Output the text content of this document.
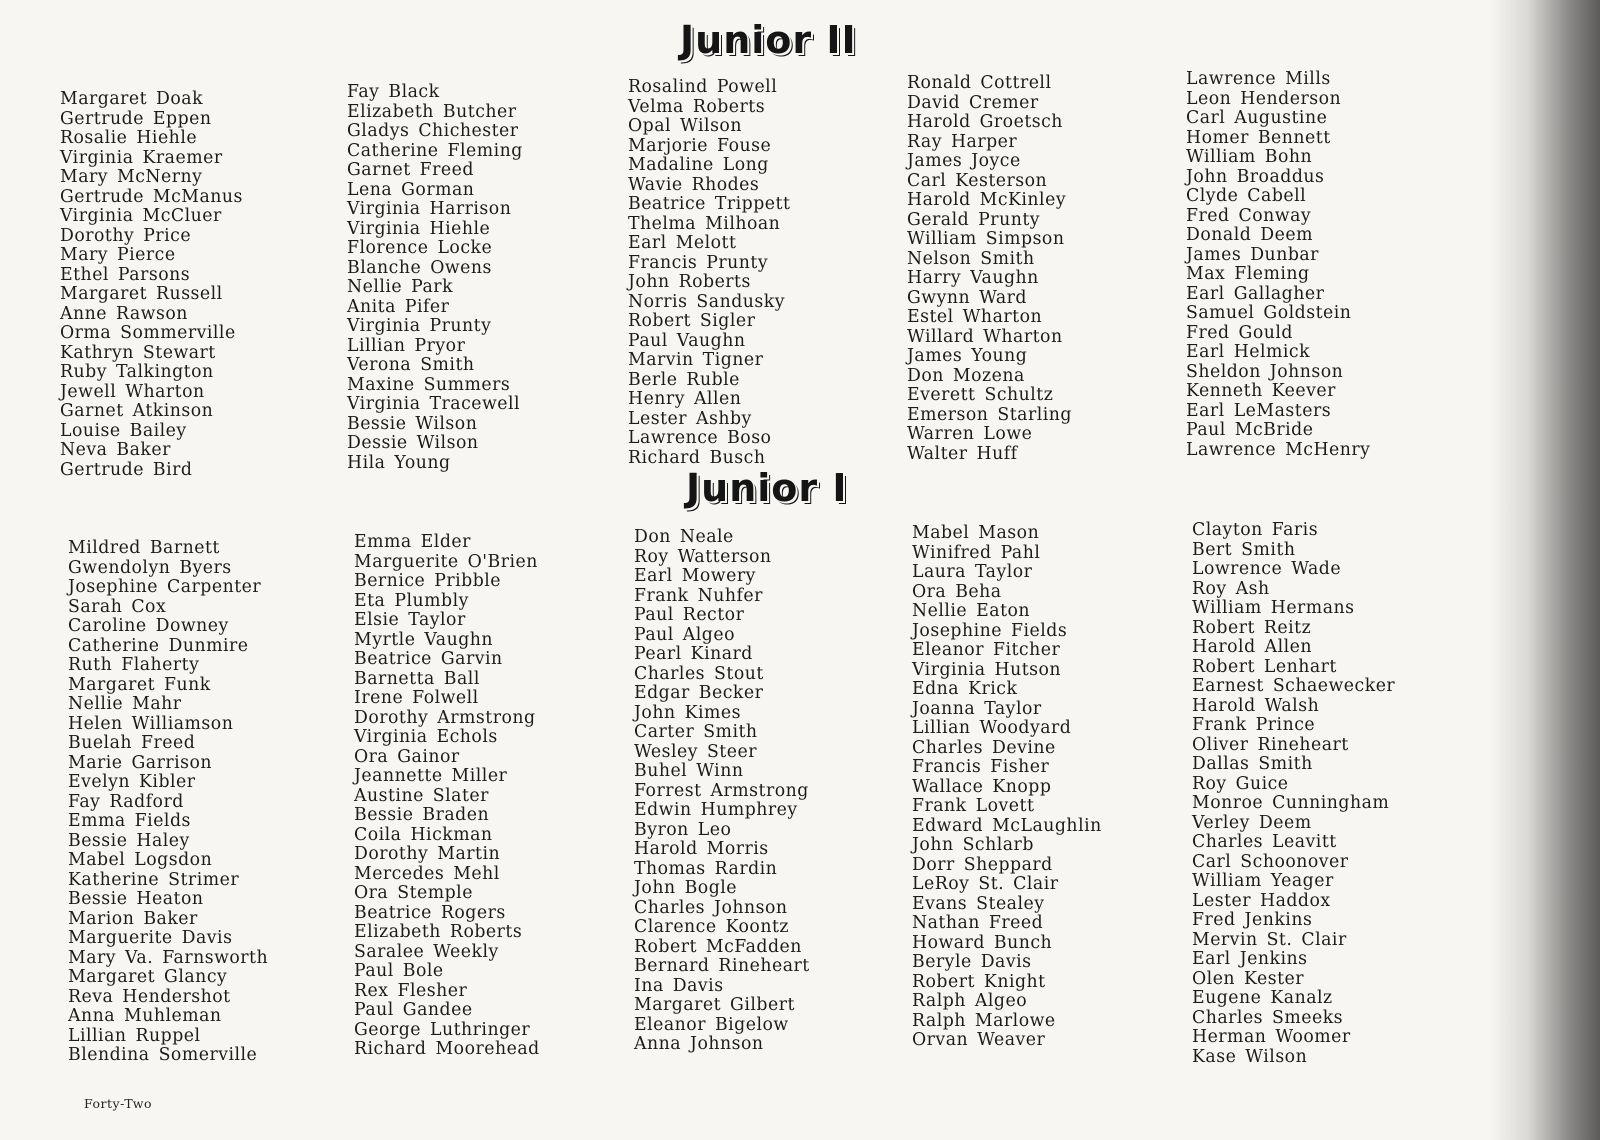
Junior II
Margaret Doak
Gertrude Eppen
Rosalie Hiehle
Virginia Kraemer
Mary McNerny
Gertrude McManus
Virginia McCluer
Dorothy Price
Mary Pierce
Ethel Parsons
Margaret Russell
Anne Rawson
Orma Sommerville
Kathryn Stewart
Ruby Talkington
Jewell Wharton
Garnet Atkinson
Louise Bailey
Neva Baker
Gertrude Bird
Fay Black
Elizabeth Butcher
Gladys Chichester
Catherine Fleming
Garnet Freed
Lena Gorman
Virginia Harrison
Virginia Hiehle
Florence Locke
Blanche Owens
Nellie Park
Anita Pifer
Virginia Prunty
Lillian Pryor
Verona Smith
Maxine Summers
Virginia Tracewell
Bessie Wilson
Dessie Wilson
Hila Young
Rosalind Powell
Velma Roberts
Opal Wilson
Marjorie Fouse
Madaline Long
Wavie Rhodes
Beatrice Trippett
Thelma Milhoan
Earl Melott
Francis Prunty
John Roberts
Norris Sandusky
Robert Sigler
Paul Vaughn
Marvin Tigner
Berle Ruble
Henry Allen
Lester Ashby
Lawrence Boso
Richard Busch
Ronald Cottrell
David Cremer
Harold Groetsch
Ray Harper
James Joyce
Carl Kesterson
Harold McKinley
Gerald Prunty
William Simpson
Nelson Smith
Harry Vaughn
Gwynn Ward
Estel Wharton
Willard Wharton
James Young
Don Mozena
Everett Schultz
Emerson Starling
Warren Lowe
Walter Huff
Lawrence Mills
Leon Henderson
Carl Augustine
Homer Bennett
William Bohn
John Broaddus
Clyde Cabell
Fred Conway
Donald Deem
James Dunbar
Max Fleming
Earl Gallagher
Samuel Goldstein
Fred Gould
Earl Helmick
Sheldon Johnson
Kenneth Keever
Earl LeMasters
Paul McBride
Lawrence McHenry
Junior I
Mildred Barnett
Gwendolyn Byers
Josephine Carpenter
Sarah Cox
Caroline Downey
Catherine Dunmire
Ruth Flaherty
Margaret Funk
Nellie Mahr
Helen Williamson
Buelah Freed
Marie Garrison
Evelyn Kibler
Fay Radford
Emma Fields
Bessie Haley
Mabel Logsdon
Katherine Strimer
Bessie Heaton
Marion Baker
Marguerite Davis
Mary Va. Farnsworth
Margaret Glancy
Reva Hendershot
Anna Muhleman
Lillian Ruppel
Blendina Somerville
Emma Elder
Marguerite O'Brien
Bernice Pribble
Eta Plumbly
Elsie Taylor
Myrtle Vaughn
Beatrice Garvin
Barnetta Ball
Irene Folwell
Dorothy Armstrong
Virginia Echols
Ora Gainor
Jeannette Miller
Austine Slater
Bessie Braden
Coila Hickman
Dorothy Martin
Mercedes Mehl
Ora Stemple
Beatrice Rogers
Elizabeth Roberts
Saralee Weekly
Paul Bole
Rex Flesher
Paul Gandee
George Luthringer
Richard Moorehead
Don Neale
Roy Watterson
Earl Mowery
Frank Nuhfer
Paul Rector
Paul Algeo
Pearl Kinard
Charles Stout
Edgar Becker
John Kimes
Carter Smith
Wesley Steer
Buhel Winn
Forrest Armstrong
Edwin Humphrey
Byron Leo
Harold Morris
Thomas Rardin
John Bogle
Charles Johnson
Clarence Koontz
Robert McFadden
Bernard Rineheart
Ina Davis
Margaret Gilbert
Eleanor Bigelow
Anna Johnson
Mabel Mason
Winifred Pahl
Laura Taylor
Ora Beha
Nellie Eaton
Josephine Fields
Eleanor Fitcher
Virginia Hutson
Edna Krick
Joanna Taylor
Lillian Woodyard
Charles Devine
Francis Fisher
Wallace Knopp
Frank Lovett
Edward McLaughlin
John Schlarb
Dorr Sheppard
LeRoy St. Clair
Evans Stealey
Nathan Freed
Howard Bunch
Beryle Davis
Robert Knight
Ralph Algeo
Ralph Marlowe
Orvan Weaver
Clayton Faris
Bert Smith
Lowrence Wade
Roy Ash
William Hermans
Robert Reitz
Harold Allen
Robert Lenhart
Earnest Schaewecker
Harold Walsh
Frank Prince
Oliver Rineheart
Dallas Smith
Roy Guice
Monroe Cunningham
Verley Deem
Charles Leavitt
Carl Schoonover
William Yeager
Lester Haddox
Fred Jenkins
Mervin St. Clair
Earl Jenkins
Olen Kester
Eugene Kanalz
Charles Smeeks
Herman Woomer
Kase Wilson
Forty-Two
